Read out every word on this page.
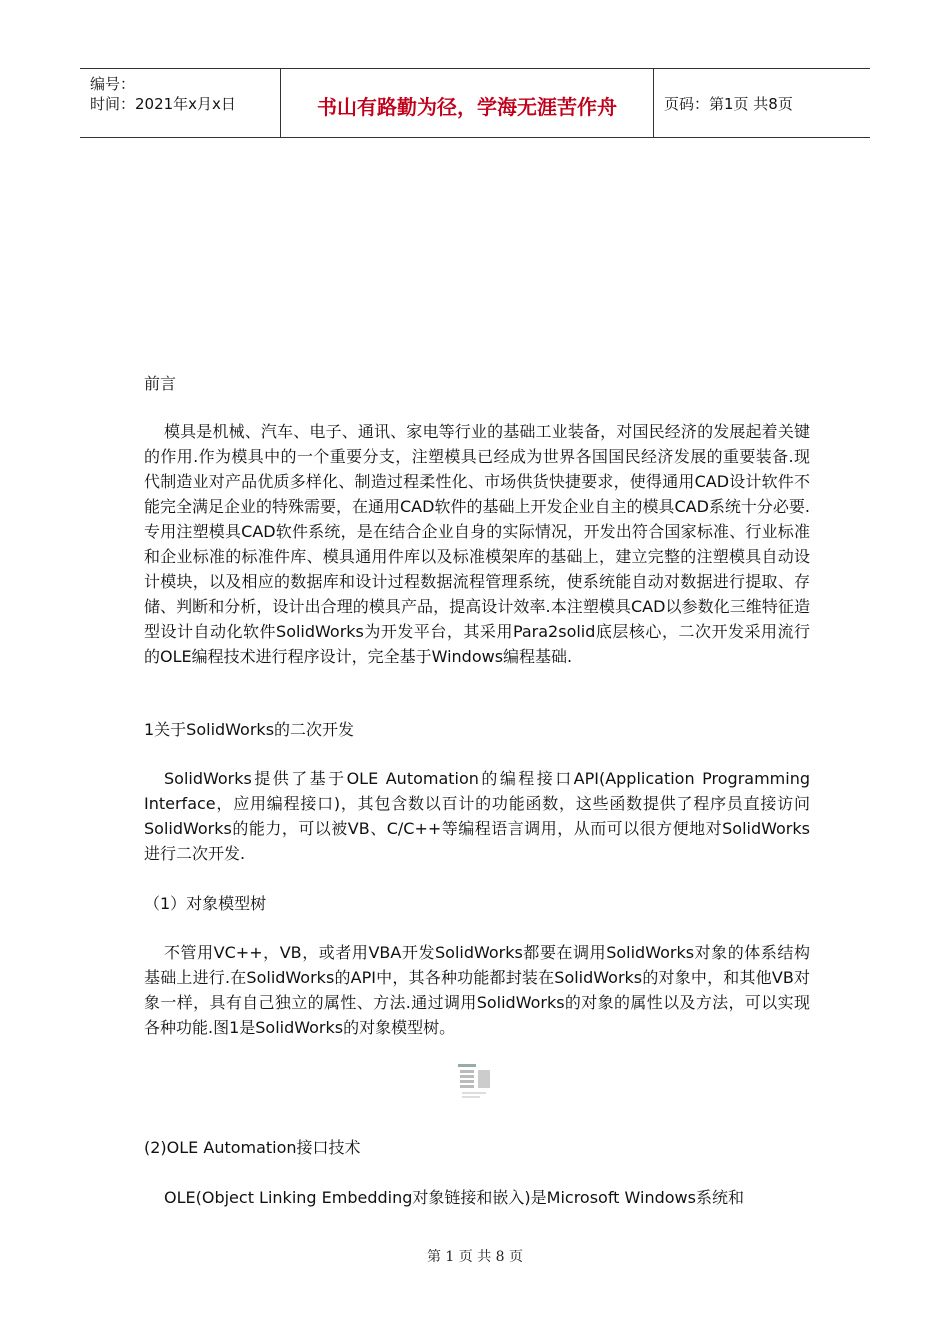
编号：
时间：2021年x月x日	书山有路勤为径，学海无涯苦作舟	页码：第1页 共8页

前言

模具是机械、汽车、电子、通讯、家电等行业的基础工业装备，对国民经济的发展起着关键的作用.作为模具中的一个重要分支，注塑模具已经成为世界各国国民经济发展的重要装备.现代制造业对产品优质多样化、制造过程柔性化、市场供货快捷要求，使得通用CAD设计软件不能完全满足企业的特殊需要，在通用CAD软件的基础上开发企业自主的模具CAD系统十分必要.专用注塑模具CAD软件系统，是在结合企业自身的实际情况，开发出符合国家标准、行业标准和企业标准的标准件库、模具通用件库以及标准模架库的基础上，建立完整的注塑模具自动设计模块，以及相应的数据库和设计过程数据流程管理系统，使系统能自动对数据进行提取、存储、判断和分析，设计出合理的模具产品，提高设计效率.本注塑模具CAD以参数化三维特征造型设计自动化软件SolidWorks为开发平台，其采用Para2solid底层核心，二次开发采用流行的OLE编程技术进行程序设计，完全基于Windows编程基础.

1关于SolidWorks的二次开发

SolidWorks提供了基于OLE Automation的编程接口API(Application Programming Interface，应用编程接口)，其包含数以百计的功能函数，这些函数提供了程序员直接访问SolidWorks的能力，可以被VB、C/C++等编程语言调用，从而可以很方便地对SolidWorks进行二次开发.

（1）对象模型树

不管用VC++，VB，或者用VBA开发SolidWorks都要在调用SolidWorks对象的体系结构基础上进行.在SolidWorks的API中，其各种功能都封装在SolidWorks的对象中，和其他VB对象一样，具有自己独立的属性、方法.通过调用SolidWorks的对象的属性以及方法，可以实现各种功能.图1是SolidWorks的对象模型树。

(2)OLE Automation接口技术

OLE(Object Linking Embedding对象链接和嵌入)是Microsoft Windows系统和

第 1 页 共 8 页
